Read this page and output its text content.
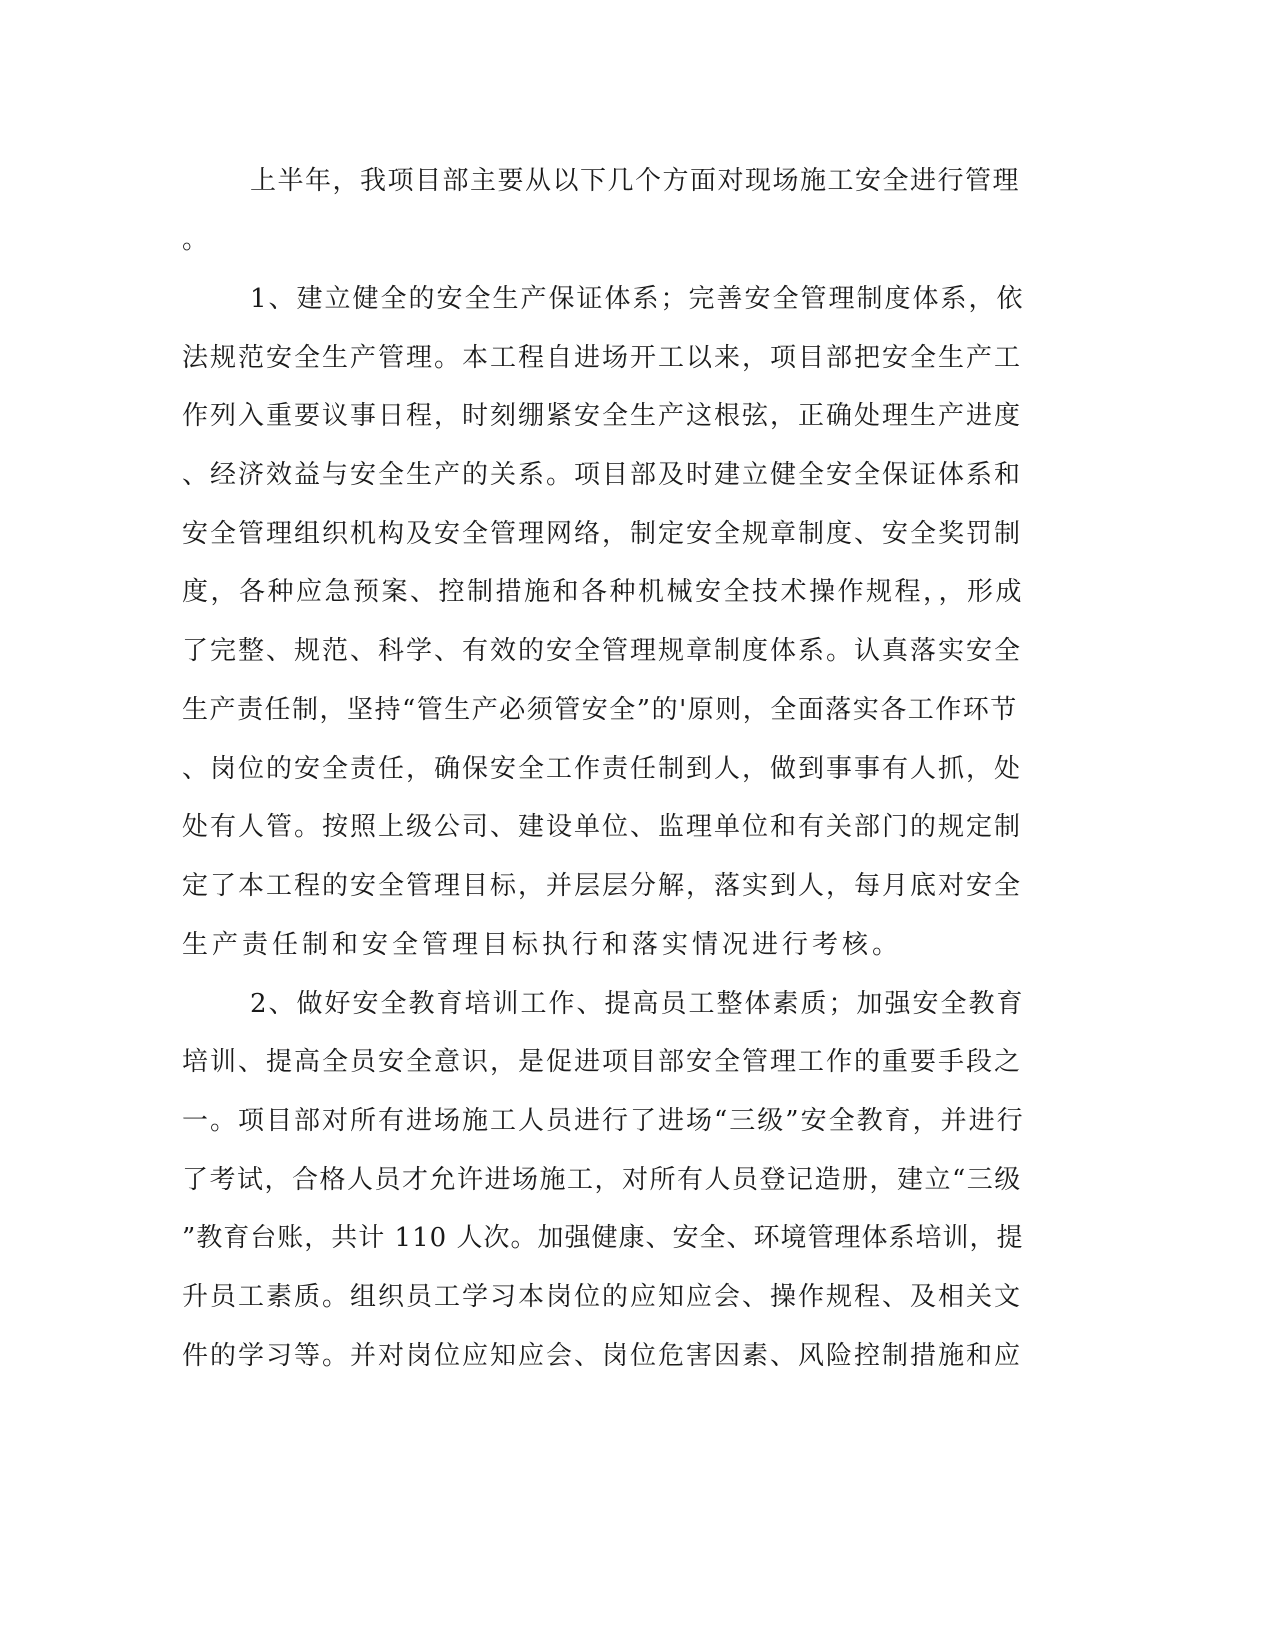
上半年，我项目部主要从以下几个方面对现场施工安全进行管理
。
1、建立健全的安全生产保证体系；完善安全管理制度体系，依
法规范安全生产管理。本工程自进场开工以来，项目部把安全生产工
作列入重要议事日程，时刻绷紧安全生产这根弦，正确处理生产进度
、经济效益与安全生产的关系。项目部及时建立健全安全保证体系和
安全管理组织机构及安全管理网络，制定安全规章制度、安全奖罚制
度，各种应急预案、控制措施和各种机械安全技术操作规程，，形成
了完整、规范、科学、有效的安全管理规章制度体系。认真落实安全
生产责任制，坚持“管生产必须管安全”的'原则，全面落实各工作环节
、岗位的安全责任，确保安全工作责任制到人，做到事事有人抓，处
处有人管。按照上级公司、建设单位、监理单位和有关部门的规定制
定了本工程的安全管理目标，并层层分解，落实到人，每月底对安全
生产责任制和安全管理目标执行和落实情况进行考核。
2、做好安全教育培训工作、提高员工整体素质；加强安全教育
培训、提高全员安全意识，是促进项目部安全管理工作的重要手段之
一。项目部对所有进场施工人员进行了进场“三级”安全教育，并进行
了考试，合格人员才允许进场施工，对所有人员登记造册，建立“三级
”教育台账，共计 110 人次。加强健康、安全、环境管理体系培训，提
升员工素质。组织员工学习本岗位的应知应会、操作规程、及相关文
件的学习等。并对岗位应知应会、岗位危害因素、风险控制措施和应
